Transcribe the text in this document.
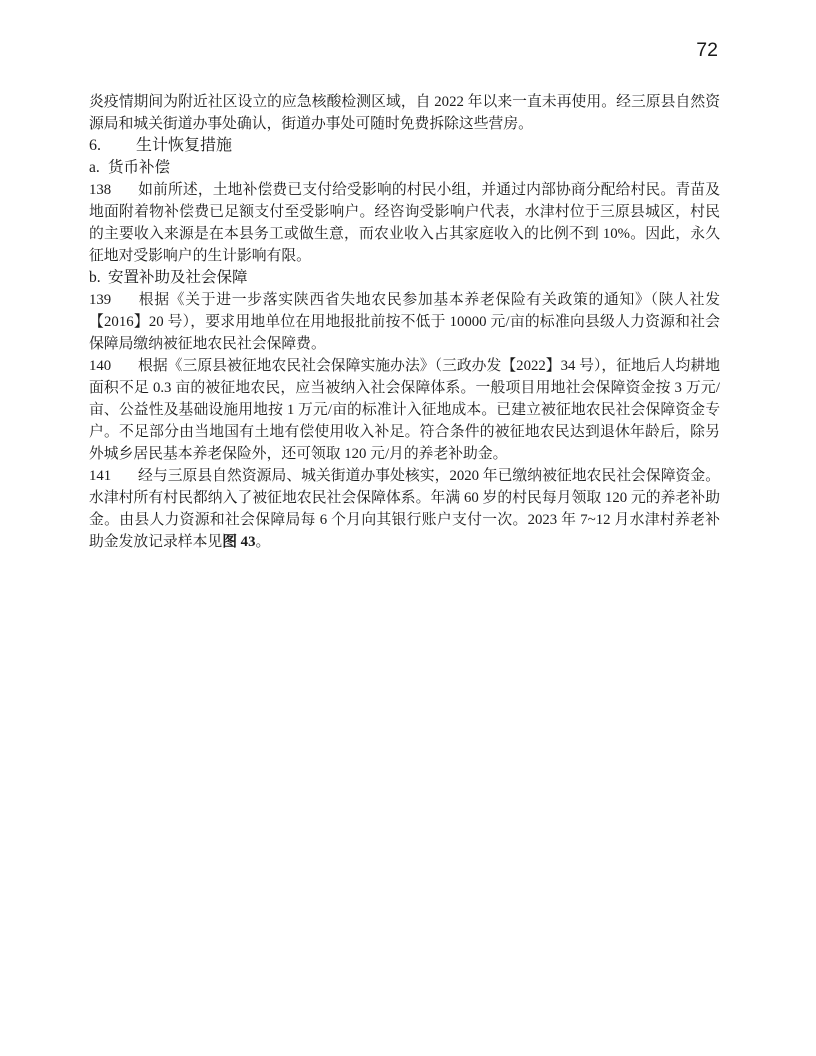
72

炎疫情期间为附近社区设立的应急核酸检测区域，自 2022 年以来一直未再使用。经三原县自然资源局和城关街道办事处确认，街道办事处可随时免费拆除这些营房。

6. 生计恢复措施
a. 货币补偿

138 如前所述，土地补偿费已支付给受影响的村民小组，并通过内部协商分配给村民。青苗及地面附着物补偿费已足额支付至受影响户。经咨询受影响户代表，水津村位于三原县城区，村民的主要收入来源是在本县务工或做生意，而农业收入占其家庭收入的比例不到 10%。因此，永久征地对受影响户的生计影响有限。

b. 安置补助及社会保障

139 根据《关于进一步落实陕西省失地农民参加基本养老保险有关政策的通知》（陕人社发【2016】20 号），要求用地单位在用地报批前按不低于 10000 元/亩的标准向县级人力资源和社会保障局缴纳被征地农民社会保障费。

140 根据《三原县被征地农民社会保障实施办法》（三政办发【2022】34 号），征地后人均耕地面积不足 0.3 亩的被征地农民，应当被纳入社会保障体系。一般项目用地社会保障资金按 3 万元/亩、公益性及基础设施用地按 1 万元/亩的标准计入征地成本。已建立被征地农民社会保障资金专户。不足部分由当地国有土地有偿使用收入补足。符合条件的被征地农民达到退休年龄后，除另外城乡居民基本养老保险外，还可领取 120 元/月的养老补助金。

141 经与三原县自然资源局、城关街道办事处核实，2020 年已缴纳被征地农民社会保障资金。水津村所有村民都纳入了被征地农民社会保障体系。年满 60 岁的村民每月领取 120 元的养老补助金。由县人力资源和社会保障局每 6 个月向其银行账户支付一次。2023 年 7~12 月水津村养老补助金发放记录样本见图 43。
